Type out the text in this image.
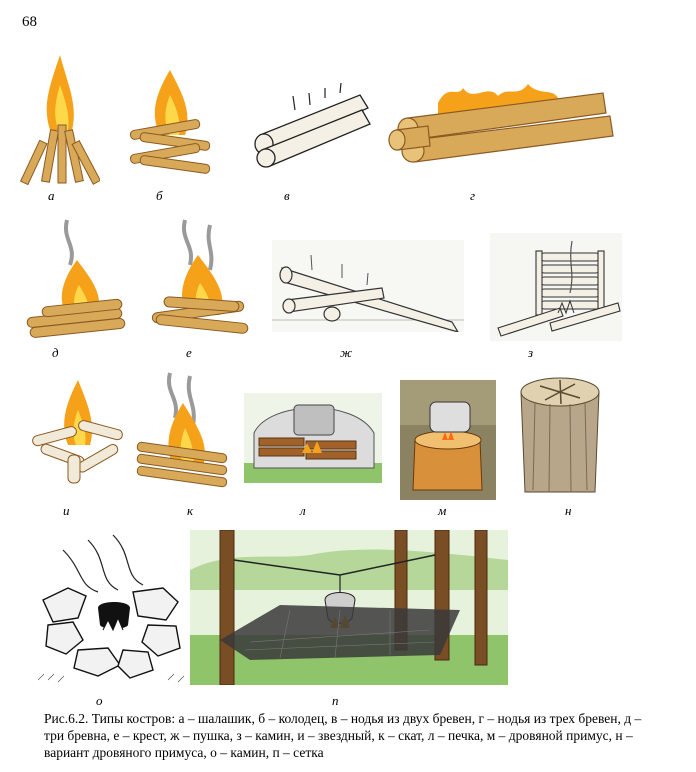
68
а	б	в	г
д	е	ж	з
и	к	л	м	н
о	п
Рис.6.2. Типы костров: а – шалашик, б – колодец, в – нодья из двух бревен, г – нодья из трех бревен, д – три бревна, е – крест, ж – пушка, з – камин, и – звездный, к – скат, л – печка, м – дровяной примус, н – вариант дровяного примуса, о – камин, п – сетка
